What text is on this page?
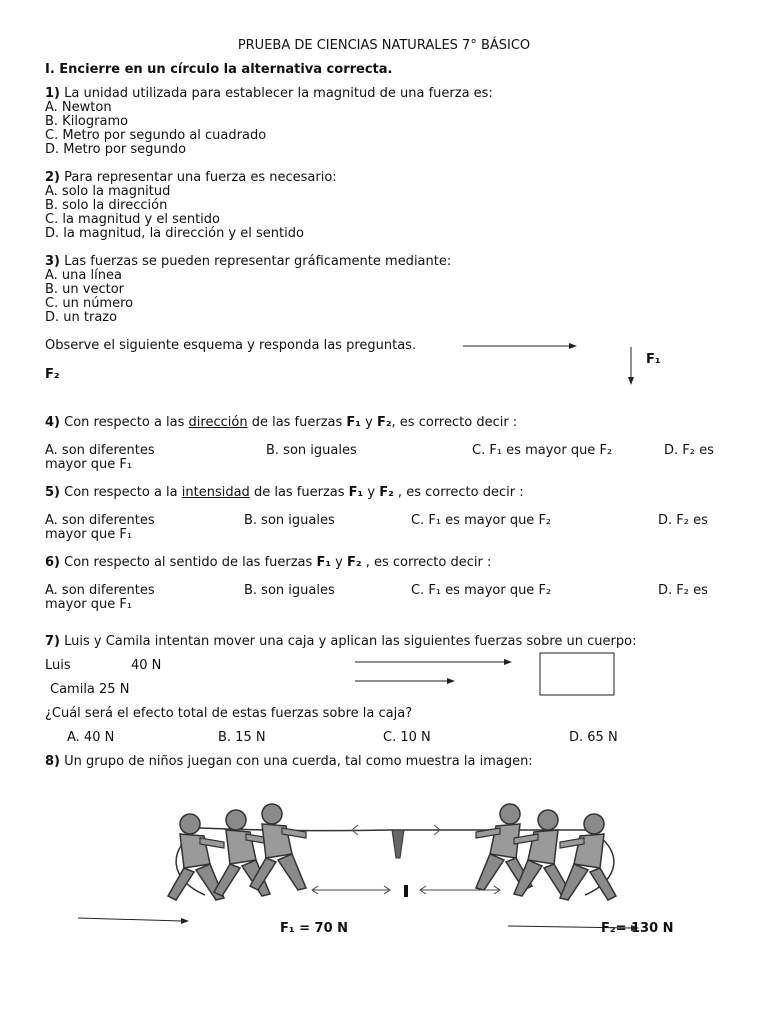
PRUEBA DE CIENCIAS NATURALES 7° BÁSICO
I. Encierre en un círculo la alternativa correcta.
1) La unidad utilizada para establecer la magnitud de una fuerza es:
A. Newton
B. Kilogramo
C. Metro por segundo al cuadrado
D. Metro por segundo
2) Para representar una fuerza es necesario:
A. solo la magnitud
B. solo la dirección
C. la magnitud y el sentido
D. la magnitud, la dirección y el sentido
3) Las fuerzas se pueden representar gráficamente mediante:
A. una línea
B. un vector
C. un número
D. un trazo
Observe el siguiente esquema y responda las preguntas.
F₁
F₂
4) Con respecto a las dirección de las fuerzas F₁ y F₂, es correcto decir :
A. son diferentes	B. son iguales	C. F₁ es mayor que F₂	D. F₂ es
mayor que F₁
5) Con respecto a la intensidad de las fuerzas F₁ y F₂ , es correcto decir :
A. son diferentes	B. son iguales	C. F₁ es mayor que F₂	D. F₂ es
mayor que F₁
6) Con respecto al sentido de las fuerzas F₁ y F₂ , es correcto decir :
A. son diferentes	B. son iguales	C. F₁ es mayor que F₂	D. F₂ es
mayor que F₁
7) Luis y Camila intentan mover una caja y aplican las siguientes fuerzas sobre un cuerpo:
Luis	40 N
Camila 25 N
¿Cuál será el efecto total de estas fuerzas sobre la caja?
A. 40 N	B. 15 N	C. 10 N	D. 65 N
8) Un grupo de niños juegan con una cuerda, tal como muestra la imagen:
F₁ = 70 N	F₂= 130 N
